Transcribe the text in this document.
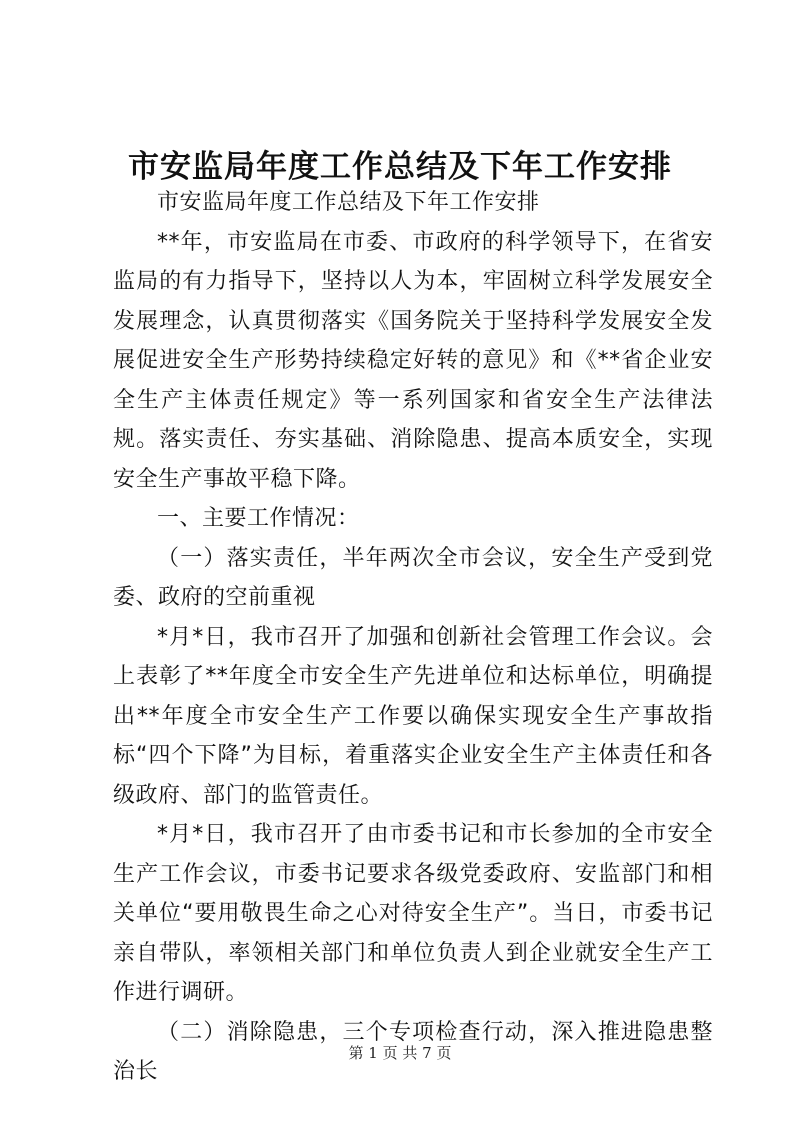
市安监局年度工作总结及下年工作安排

市安监局年度工作总结及下年工作安排

**年，市安监局在市委、市政府的科学领导下，在省安监局的有力指导下，坚持以人为本，牢固树立科学发展安全发展理念，认真贯彻落实《国务院关于坚持科学发展安全发展促进安全生产形势持续稳定好转的意见》和《**省企业安全生产主体责任规定》等一系列国家和省安全生产法律法规。落实责任、夯实基础、消除隐患、提高本质安全，实现安全生产事故平稳下降。

一、主要工作情况：

（一）落实责任，半年两次全市会议，安全生产受到党委、政府的空前重视

*月*日，我市召开了加强和创新社会管理工作会议。会上表彰了**年度全市安全生产先进单位和达标单位，明确提出**年度全市安全生产工作要以确保实现安全生产事故指标“四个下降”为目标，着重落实企业安全生产主体责任和各级政府、部门的监管责任。

*月*日，我市召开了由市委书记和市长参加的全市安全生产工作会议，市委书记要求各级党委政府、安监部门和相关单位“要用敬畏生命之心对待安全生产”。当日，市委书记亲自带队，率领相关部门和单位负责人到企业就安全生产工作进行调研。

（二）消除隐患，三个专项检查行动，深入推进隐患整治长

第 1 页 共 7 页
